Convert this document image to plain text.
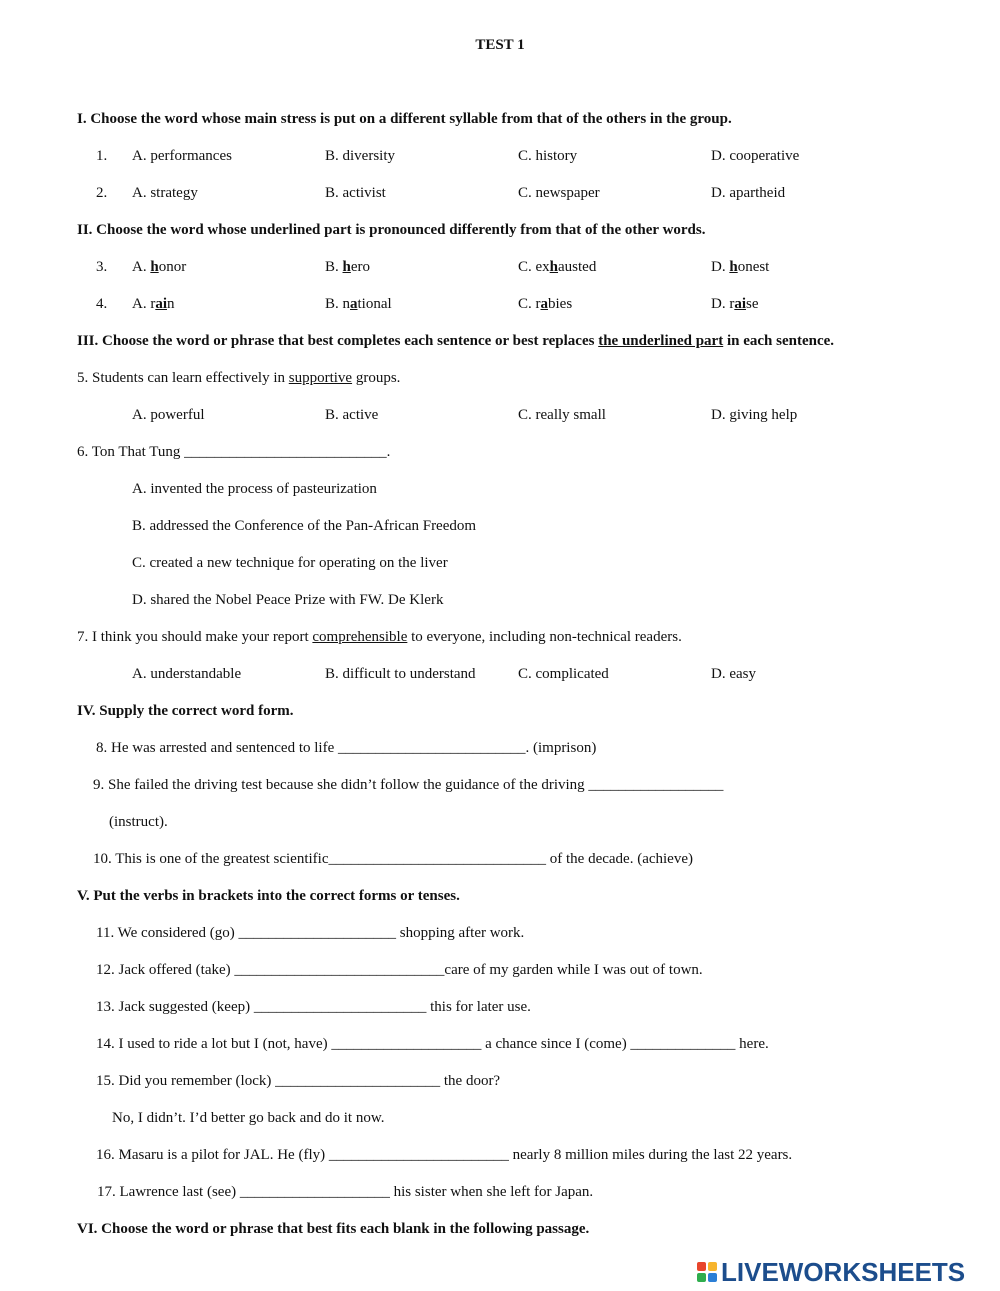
TEST 1
I. Choose the word whose main stress is put on a different syllable from that of the others in the group.
1. A. performances	B. diversity	C. history	D. cooperative
2. A. strategy	B. activist	C. newspaper	D. apartheid
II. Choose the word whose underlined part is pronounced differently from that of the other words.
3. A. honor	B. hero	C. exhausted	D. honest
4. A. rain	B. national	C. rabies	D. raise
III. Choose the word or phrase that best completes each sentence or best replaces the underlined part in each sentence.
5. Students can learn effectively in supportive groups.
A. powerful	B. active	C. really small	D. giving help
6. Ton That Tung ___________________________.
A. invented the process of pasteurization
B. addressed the Conference of the Pan-African Freedom
C. created a new technique for operating on the liver
D. shared the Nobel Peace Prize with FW. De Klerk
7. I think you should make your report comprehensible to everyone, including non-technical readers.
A. understandable	B. difficult to understand	C. complicated	D. easy
IV. Supply the correct word form.
8. He was arrested and sentenced to life _________________________. (imprison)
9. She failed the driving test because she didn’t follow the guidance of the driving __________________
(instruct).
10. This is one of the greatest scientific_____________________________ of the decade. (achieve)
V. Put the verbs in brackets into the correct forms or tenses.
11. We considered (go) _____________________ shopping after work.
12. Jack offered (take) ____________________________care of my garden while I was out of town.
13. Jack suggested (keep) _______________________ this for later use.
14. I used to ride a lot but I (not, have) ____________________ a chance since I (come) ______________ here.
15. Did you remember (lock) ______________________ the door?
No, I didn’t. I’d better go back and do it now.
16. Masaru is a pilot for JAL. He (fly) ________________________ nearly 8 million miles during the last 22 years.
17. Lawrence last (see) ____________________ his sister when she left for Japan.
VI. Choose the word or phrase that best fits each blank in the following passage.
LIVEWORKSHEETS
